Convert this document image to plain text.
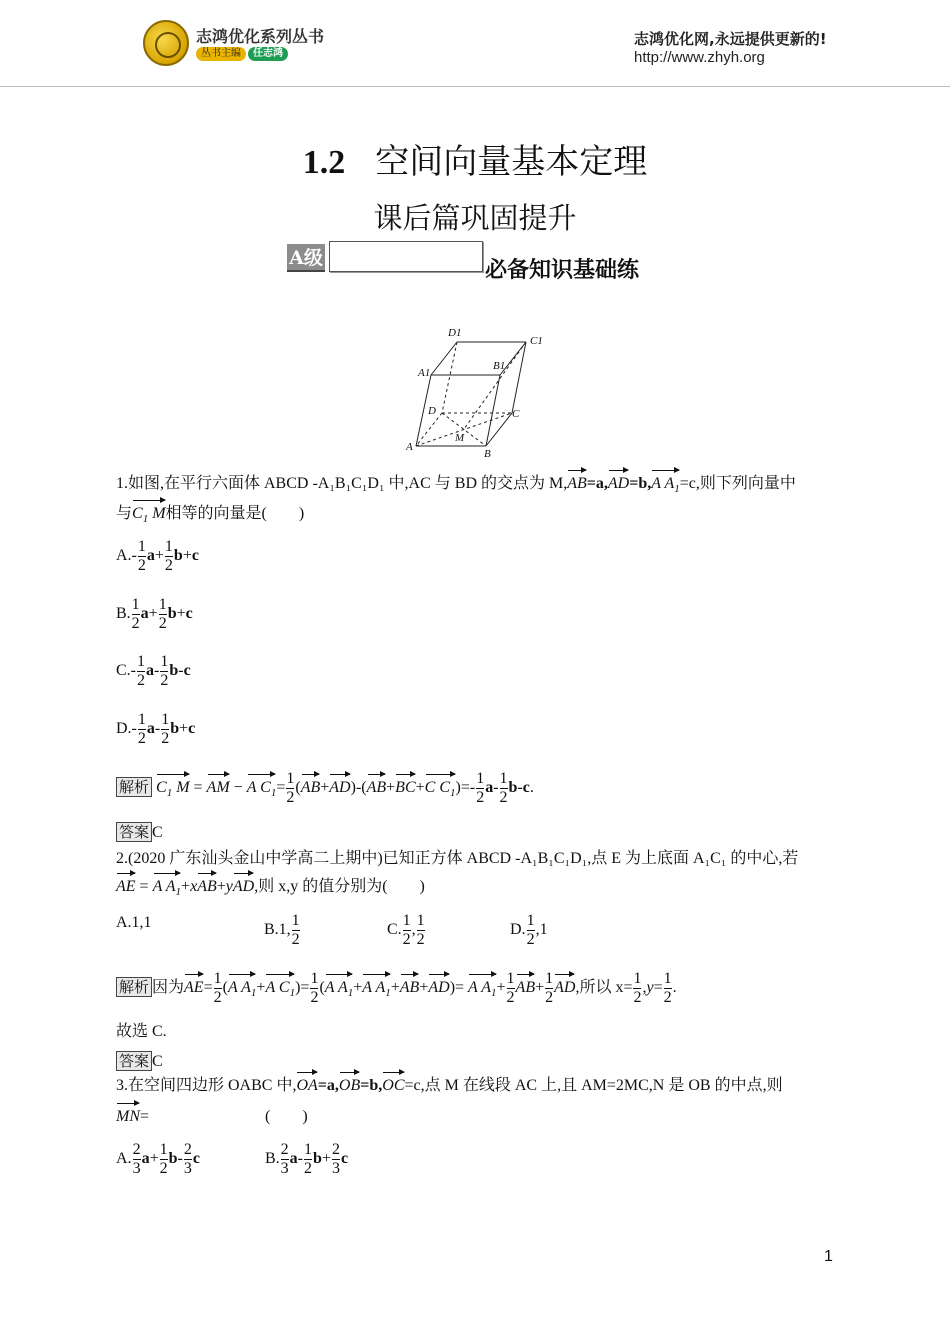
志鸿优化系列丛书
丛书主编	任志鸿
志鸿优化网,永远提供更新的!
http://www.zhyh.org
1.2 空间向量基本定理
课后篇巩固提升
A级	必备知识基础练
D1
C1
A1
B1
D	C
A
M
B
1.如图,在平行六面体 ABCD -A₁B₁C₁D₁ 中,AC 与 BD 的交点为 M,AB=a,AD=b,A $A_1=c$,则下列向量中
与$C_1$ M相等的向量是(　　)
$A.- \frac{1}{2} a+ \frac{1}{2} b+c$
B. $\frac{1}{2} a+ \frac{1}{2} b+c$
$C.- \frac{1}{2} a- \frac{1}{2} b-c$
$D.- \frac{1}{2} a- \frac{1}{2} b+c$
解析 $C_1$ M = AM − A $C_1= \frac{1}{2} (AB+AD)-(AB+BC+C$ $C_1)=- \frac{1}{2} a- \frac{1}{2} b-c$.
答案 C
2.(2020 广东汕头金山中学高二上期中)已知正方体 ABCD -A₁B₁C₁D₁,点 E 为上底面 A₁C₁ 的中心,若
AE = A $A_1+xAB+yAD$,则 x,y 的值分别为(　　)
A.1,1	B.1, $\frac{1}{2}$	C. $\frac{1}{2}$ , $\frac{1}{2}$	D. $\frac{1}{2} ,1$
解析 因为$AE= \frac{1}{2} (A$ $A_1+A$ $C_1)= \frac{1}{2} (A$ $A_1+A$ $A_1+AB+AD)= A$ $A_1+ \frac{1}{2} AB+ \frac{1}{2}$ AD,所以 $x= \frac{1}{2} ,y= \frac{1}{2}$ .
故选 C.
答案 C
3.在空间四边形 OABC 中,OA=a,OB=b,OC=c,点 M 在线段 AC 上,且 AM=2MC,N 是 OB 的中点,则
MN=	(　　)
A. $\frac{2}{3} a+ \frac{1}{2} b- \frac{2}{3}$ c	B. $\frac{2}{3} a- \frac{1}{2} b+ \frac{2}{3}$ c
1
